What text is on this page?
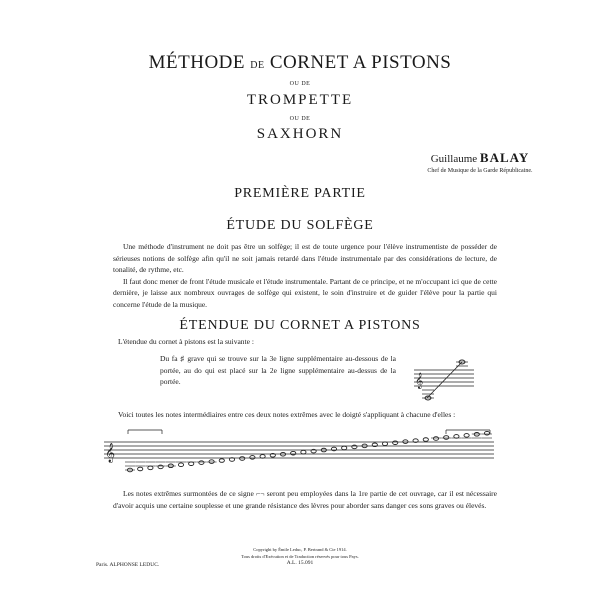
MÉTHODE DE CORNET A PISTONS
OU DE
TROMPETTE
OU DE
SAXHORN
Guillaume BALAY
Chef de Musique de la Garde Républicaine.
PREMIÈRE PARTIE
ÉTUDE DU SOLFÈGE

Une méthode d'instrument ne doit pas être un solfège; il est de toute urgence pour l'élève instrumentiste de posséder de sérieuses notions de solfège afin qu'il ne soit jamais retardé dans l'étude instrumentale par des considérations de lecture, de tonalité, de rythme, etc.

Il faut donc mener de front l'étude musicale et l'étude instrumentale. Partant de ce principe, et ne m'occupant ici que de cette dernière, je laisse aux nombreux ouvrages de solfège qui existent, le soin d'instruire et de guider l'élève pour la partie qui concerne l'étude de la musique.

ÉTENDUE DU CORNET A PISTONS
L'étendue du cornet à pistons est la suivante :
Du fa ♯ grave qui se trouve sur la 3e ligne supplémentaire au-dessous de la portée, au do qui est placé sur la 2e ligne supplémentaire au-dessus de la portée.	𝄞
Voici toutes les notes intermédiaires entre ces deux notes extrêmes avec le doigté s'appliquant à chacune d'elles :
𝄞

Les notes extrêmes surmontées de ce signe ⌐¬ seront peu employées dans la 1re partie de cet ouvrage, car il est nécessaire d'avoir acquis une certaine souplesse et une grande résistance des lèvres pour aborder sans danger ces sons graves ou élevés.

Copyright by Émile Leduc, P. Bertrand & Cie 1914.
Tous droits d'Exécution et de Traduction réservés pour tous Pays.
A.L. 15.091
Paris. ALPHONSE LEDUC.
